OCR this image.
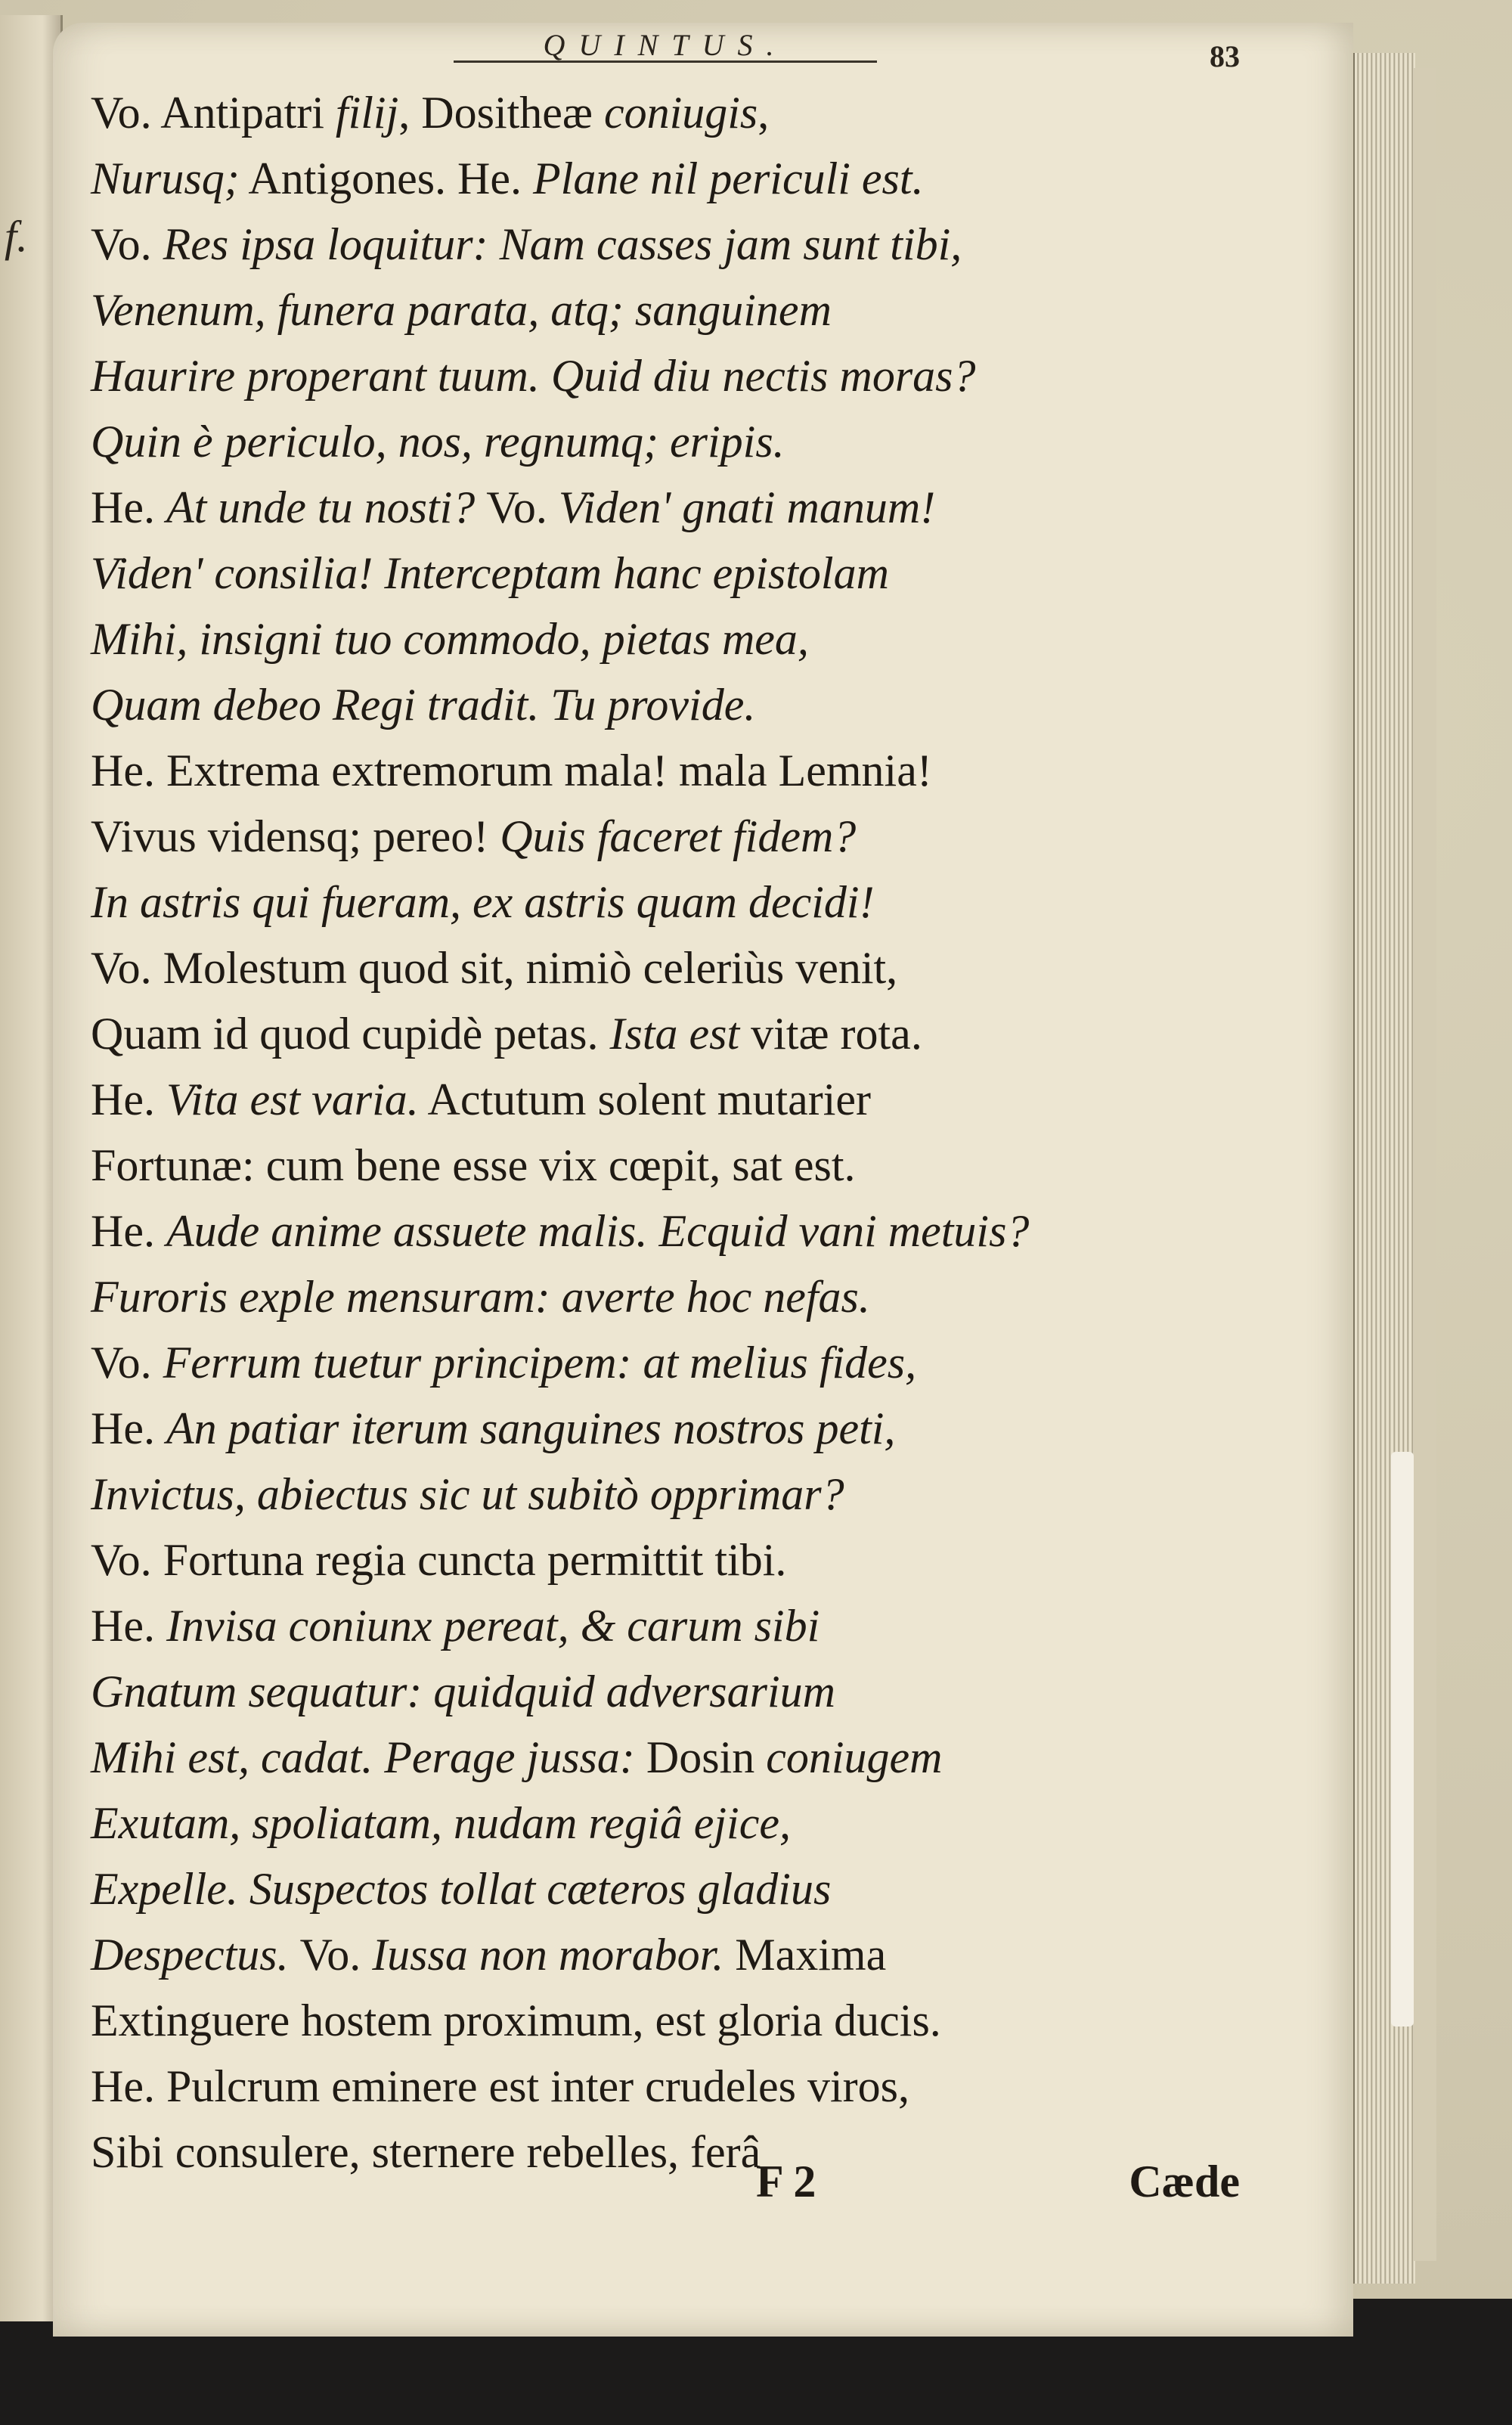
QUINTUS.	83
f.
Vo. Antipatri filij, Dositheæ coniugis,
Nurusq; Antigones. He. Plane nil periculi est.
Vo. Res ipsa loquitur: Nam casses jam sunt tibi,
Venenum, funera parata, atq; sanguinem
Haurire properant tuum. Quid diu nectis moras?
Quin è periculo, nos, regnumq; eripis.
He. At unde tu nosti? Vo. Viden' gnati manum!
Viden' consilia! Interceptam hanc epistolam
Mihi, insigni tuo commodo, pietas mea,
Quam debeo Regi tradit. Tu provide.
He. Extrema extremorum mala! mala Lemnia!
Vivus vidensq; pereo! Quis faceret fidem?
In astris qui fueram, ex astris quam decidi!
Vo. Molestum quod sit, nimiò celeriùs venit,
Quam id quod cupidè petas. Ista est vitæ rota.
He. Vita est varia. Actutum solent mutarier
Fortunæ: cum bene esse vix cœpit, sat est.
He. Aude anime assuete malis. Ecquid vani metuis?
Furoris exple mensuram: averte hoc nefas.
Vo. Ferrum tuetur principem: at melius fides,
He. An patiar iterum sanguines nostros peti,
Invictus, abiectus sic ut subitò opprimar?
Vo. Fortuna regia cuncta permittit tibi.
He. Invisa coniunx pereat, & carum sibi
Gnatum sequatur: quidquid adversarium
Mihi est, cadat. Perage jussa: Dosin coniugem
Exutam, spoliatam, nudam regiâ ejice,
Expelle. Suspectos tollat cæteros gladius
Despectus. Vo. Iussa non morabor. Maxima
Extinguere hostem proximum, est gloria ducis.
He. Pulcrum eminere est inter crudeles viros,
Sibi consulere, sternere rebelles, ferâ
F 2	Cæde
